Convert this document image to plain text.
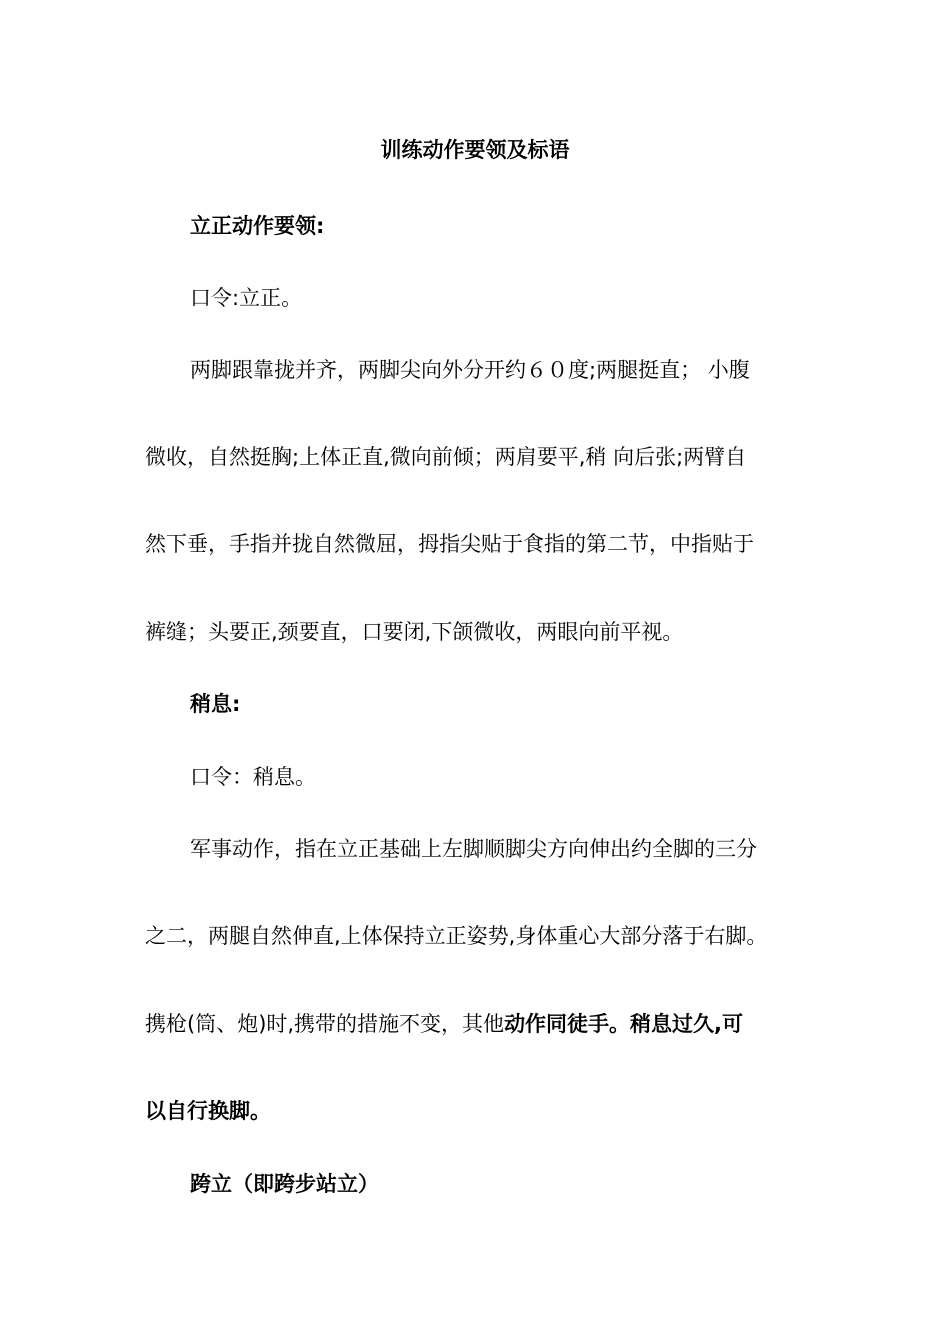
训练动作要领及标语
立正动作要领:
口令:立正。
两脚跟靠拢并齐，两脚尖向外分开约６０度;两腿挺直； 小腹
微收，自然挺胸;上体正直,微向前倾；两肩要平,稍 向后张;两臂自
然下垂，手指并拢自然微屈，拇指尖贴于食指的第二节，中指贴于
裤缝；头要正,颈要直，口要闭,下颌微收，两眼向前平视。
稍息:
口令：稍息。
军事动作，指在立正基础上左脚顺脚尖方向伸出约全脚的三分
之二，两腿自然伸直,上体保持立正姿势,身体重心大部分落于右脚。
携枪(筒、炮)时,携带的措施不变，其他动作同徒手。稍息过久,可
以自行换脚。
跨立（即跨步站立）
